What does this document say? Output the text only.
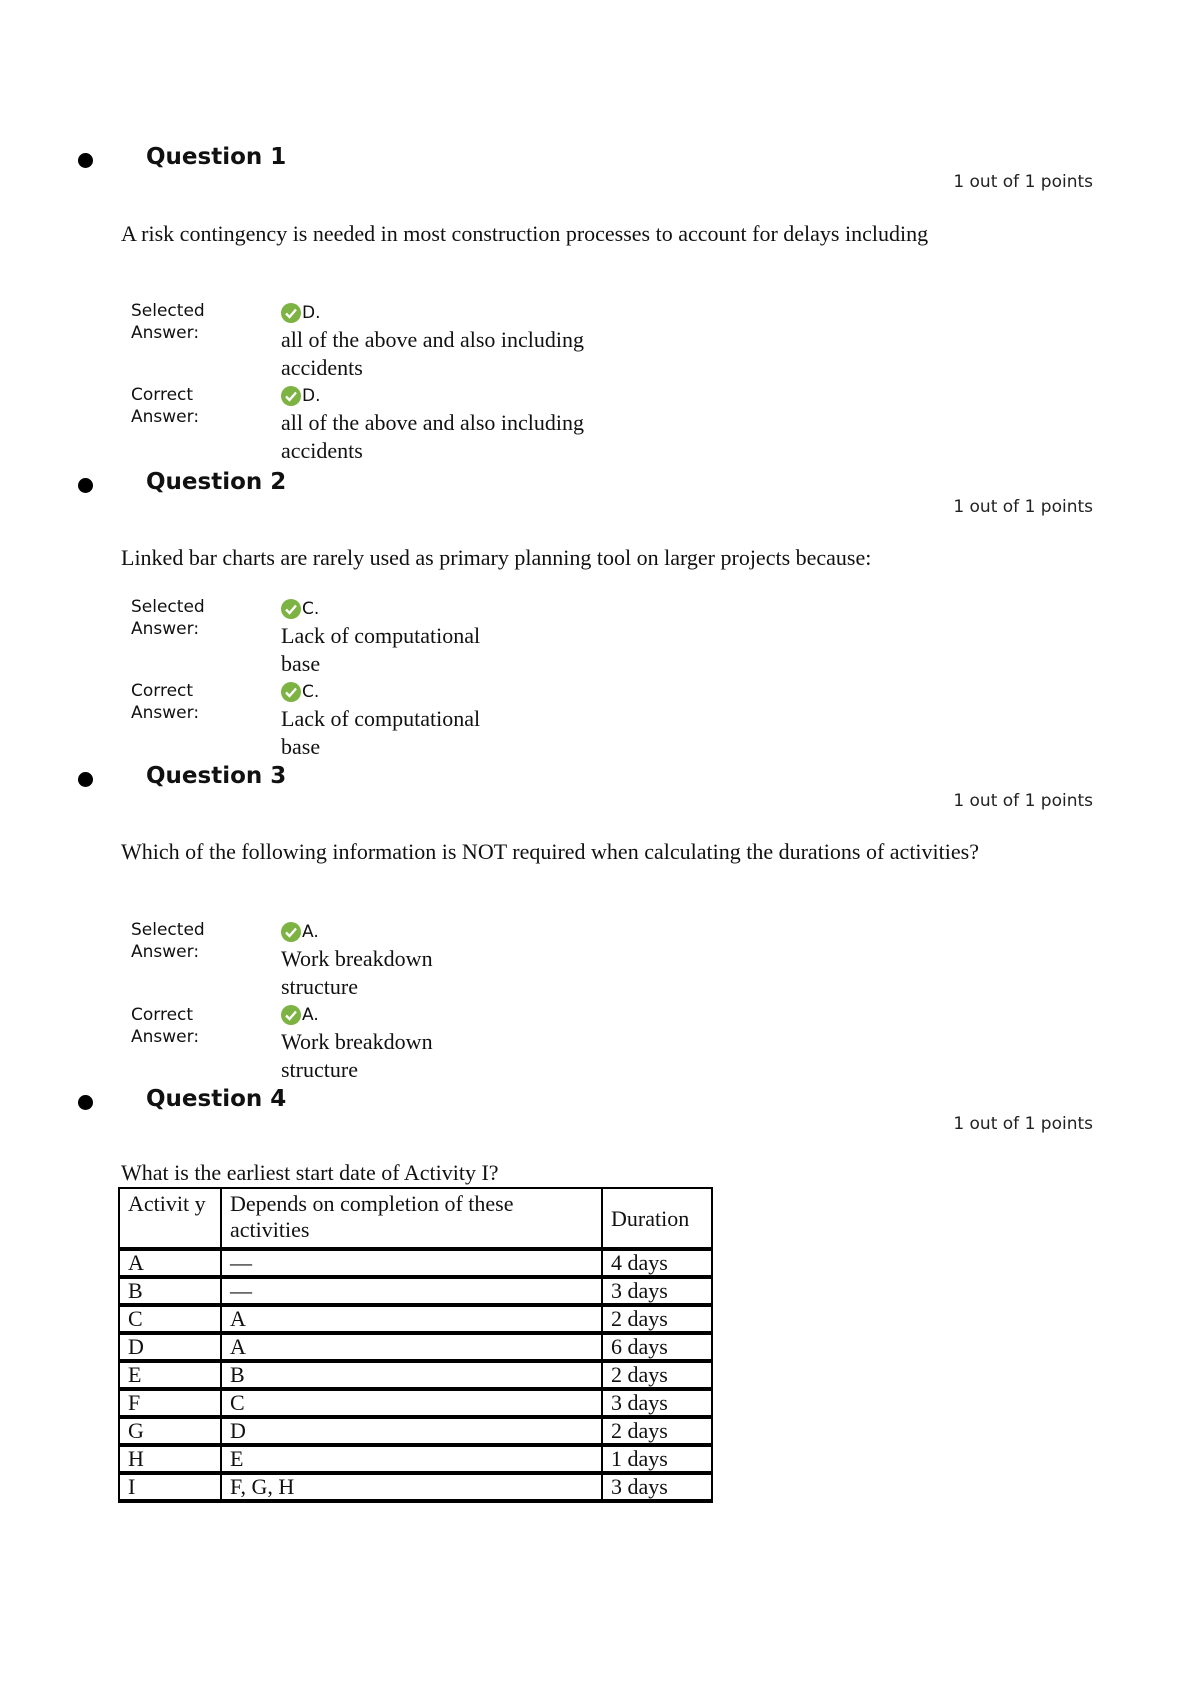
Question 1
1 out of 1 points
A risk contingency is needed in most construction processes to account for delays including
Selected Answer:
D.
all of the above and also including accidents
Correct Answer:
D.
all of the above and also including accidents
Question 2
1 out of 1 points
Linked bar charts are rarely used as primary planning tool on larger projects because:
Selected Answer:
C.
Lack of computational base
Correct Answer:
C.
Lack of computational base
Question 3
1 out of 1 points
Which of the following information is NOT required when calculating the durations of activities?
Selected Answer:
A.
Work breakdown structure
Correct Answer:
A.
Work breakdown structure
Question 4
1 out of 1 points
What is the earliest start date of Activity I?
Activit y	Depends on completion of these activities	Duration
A	—	4 days
B	—	3 days
C	A	2 days
D	A	6 days
E	B	2 days
F	C	3 days
G	D	2 days
H	E	1 days
I	F, G, H	3 days
